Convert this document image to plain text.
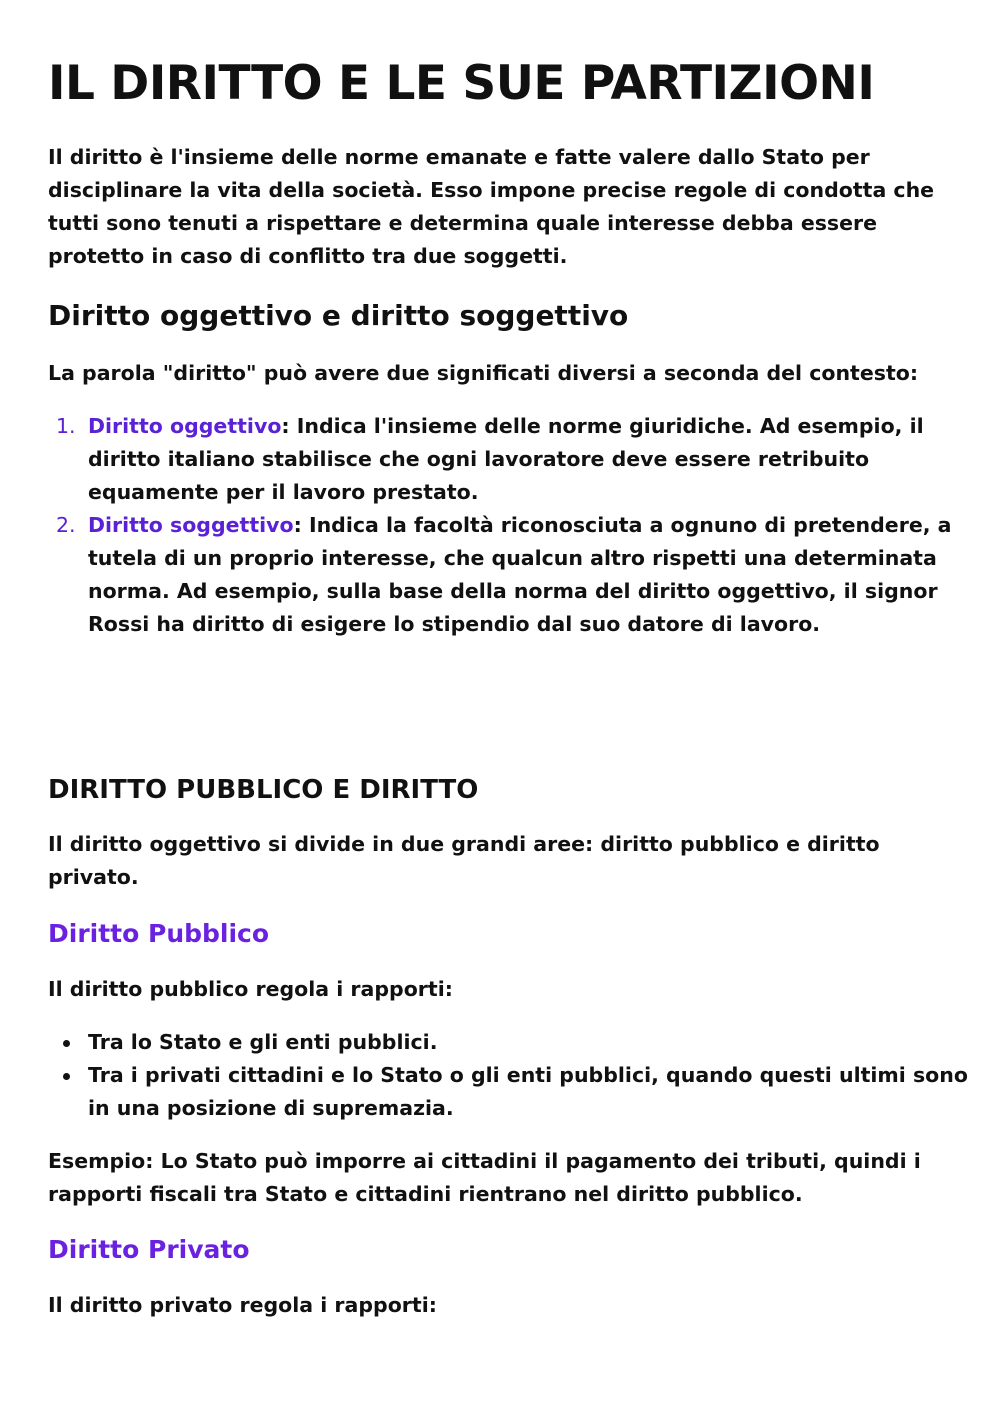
IL DIRITTO E LE SUE PARTIZIONI

Il diritto è l'insieme delle norme emanate e fatte valere dallo Stato per disciplinare la vita della società. Esso impone precise regole di condotta che tutti sono tenuti a rispettare e determina quale interesse debba essere protetto in caso di conflitto tra due soggetti.

Diritto oggettivo e diritto soggettivo

La parola "diritto" può avere due significati diversi a seconda del contesto:

1. Diritto oggettivo: Indica l'insieme delle norme giuridiche. Ad esempio, il diritto italiano stabilisce che ogni lavoratore deve essere retribuito equamente per il lavoro prestato.
2. Diritto soggettivo: Indica la facoltà riconosciuta a ognuno di pretendere, a tutela di un proprio interesse, che qualcun altro rispetti una determinata norma. Ad esempio, sulla base della norma del diritto oggettivo, il signor Rossi ha diritto di esigere lo stipendio dal suo datore di lavoro.
DIRITTO PUBBLICO E DIRITTO

Il diritto oggettivo si divide in due grandi aree: diritto pubblico e diritto privato.

Diritto Pubblico

Il diritto pubblico regola i rapporti:

Tra lo Stato e gli enti pubblici.
Tra i privati cittadini e lo Stato o gli enti pubblici, quando questi ultimi sono in una posizione di supremazia.

Esempio: Lo Stato può imporre ai cittadini il pagamento dei tributi, quindi i rapporti fiscali tra Stato e cittadini rientrano nel diritto pubblico.

Diritto Privato

Il diritto privato regola i rapporti:
